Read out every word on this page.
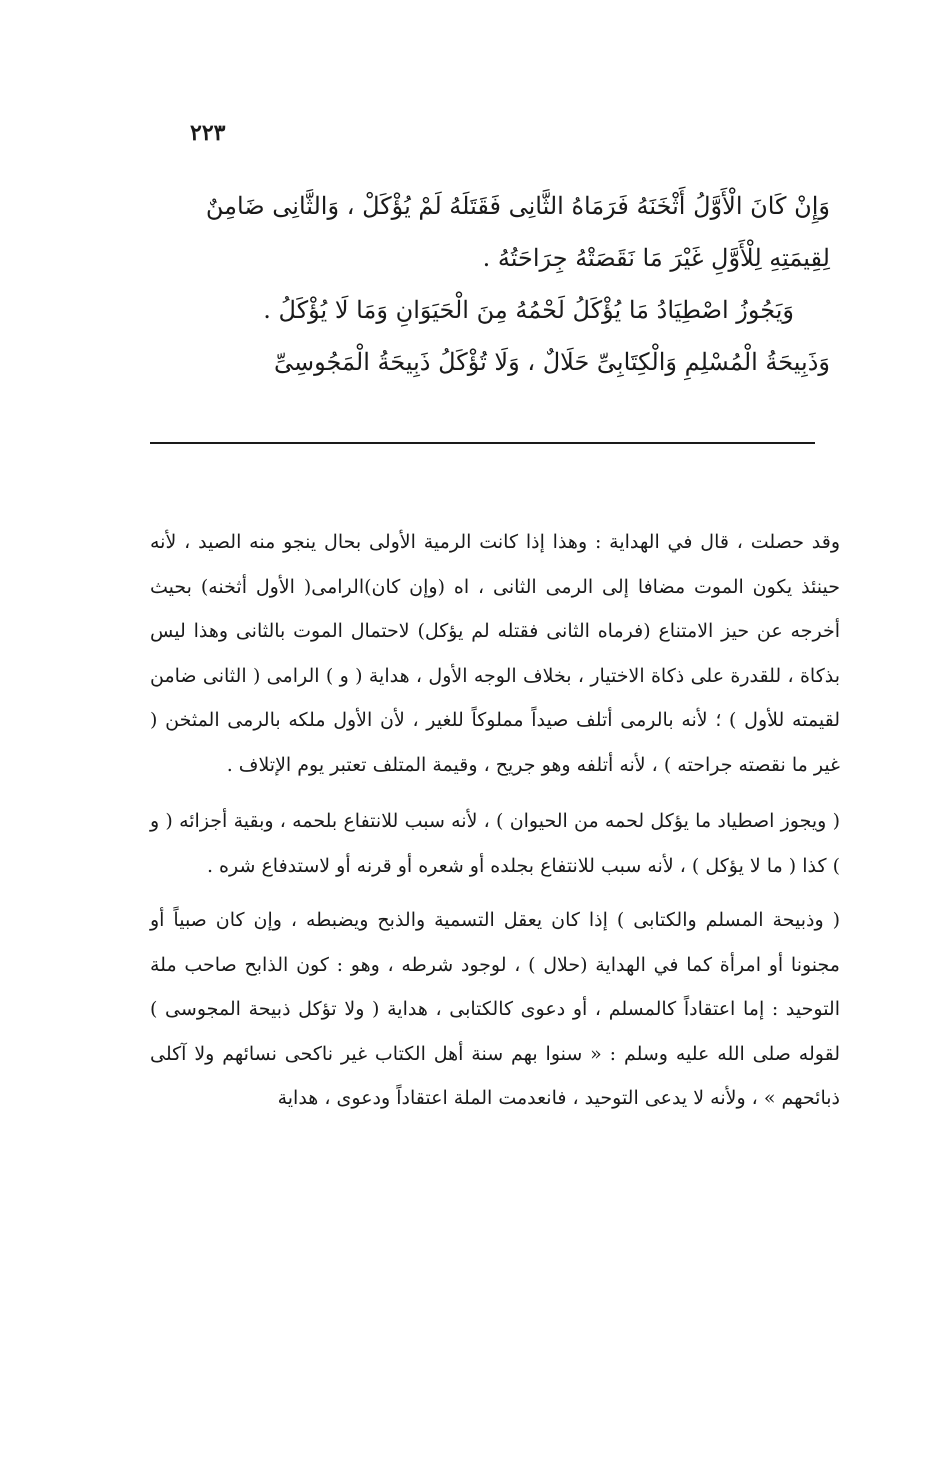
٢٢٣

وَإِنْ كَانَ الْأَوَّلُ أَثْخَنَهُ فَرَمَاهُ الثَّانِى فَقَتَلَهُ لَمْ يُؤْكَلْ ، وَالثَّانِى ضَامِنٌ

لِقِيمَتِهِ لِلْأَوَّلِ غَيْرَ مَا نَقَصَتْهُ جِرَاحَتُهُ .

وَيَجُوزُ اصْطِيَادُ مَا يُؤْكَلُ لَحْمُهُ مِنَ الْحَيَوَانِ وَمَا لَا يُؤْكَلُ .

وَذَبِيحَةُ الْمُسْلِمِ وَالْكِتَابِىِّ حَلَالٌ ، وَلَا تُؤْكَلُ ذَبِيحَةُ الْمَجُوسِىِّ

وقد حصلت ، قال في الهداية : وهذا إذا كانت الرمية الأولى بحال ينجو منه الصيد ، لأنه حينئذ يكون الموت مضافا إلى الرمى الثانى ، اه (وإن كان)الرامى( الأول أثخنه) بحيث أخرجه عن حيز الامتناع (فرماه الثانى فقتله لم يؤكل) لاحتمال الموت بالثانى وهذا ليس بذكاة ، للقدرة على ذكاة الاختيار ، بخلاف الوجه الأول ، هداية ( و ) الرامى ( الثانى ضامن لقيمته للأول ) ؛ لأنه بالرمى أتلف صيداً مملوكاً للغير ، لأن الأول ملكه بالرمى المثخن ( غير ما نقصته جراحته ) ، لأنه أتلفه وهو جريح ، وقيمة المتلف تعتبر يوم الإتلاف .

( ويجوز اصطياد ما يؤكل لحمه من الحيوان ) ، لأنه سبب للانتفاع بلحمه ، وبقية أجزائه ( و ) كذا ( ما لا يؤكل ) ، لأنه سبب للانتفاع بجلده أو شعره أو قرنه أو لاستدفاع شره .

( وذبيحة المسلم والكتابى ) إذا كان يعقل التسمية والذبح ويضبطه ، وإن كان صبياً أو مجنونا أو امرأة كما في الهداية (حلال ) ، لوجود شرطه ، وهو : كون الذابح صاحب ملة التوحيد : إما اعتقاداً كالمسلم ، أو دعوى كالكتابى ، هداية ( ولا تؤكل ذبيحة المجوسى ) لقوله صلى الله عليه وسلم : « سنوا بهم سنة أهل الكتاب غير ناكحى نسائهم ولا آكلى ذبائحهم » ، ولأنه لا يدعى التوحيد ، فانعدمت الملة اعتقاداً ودعوى ، هداية
